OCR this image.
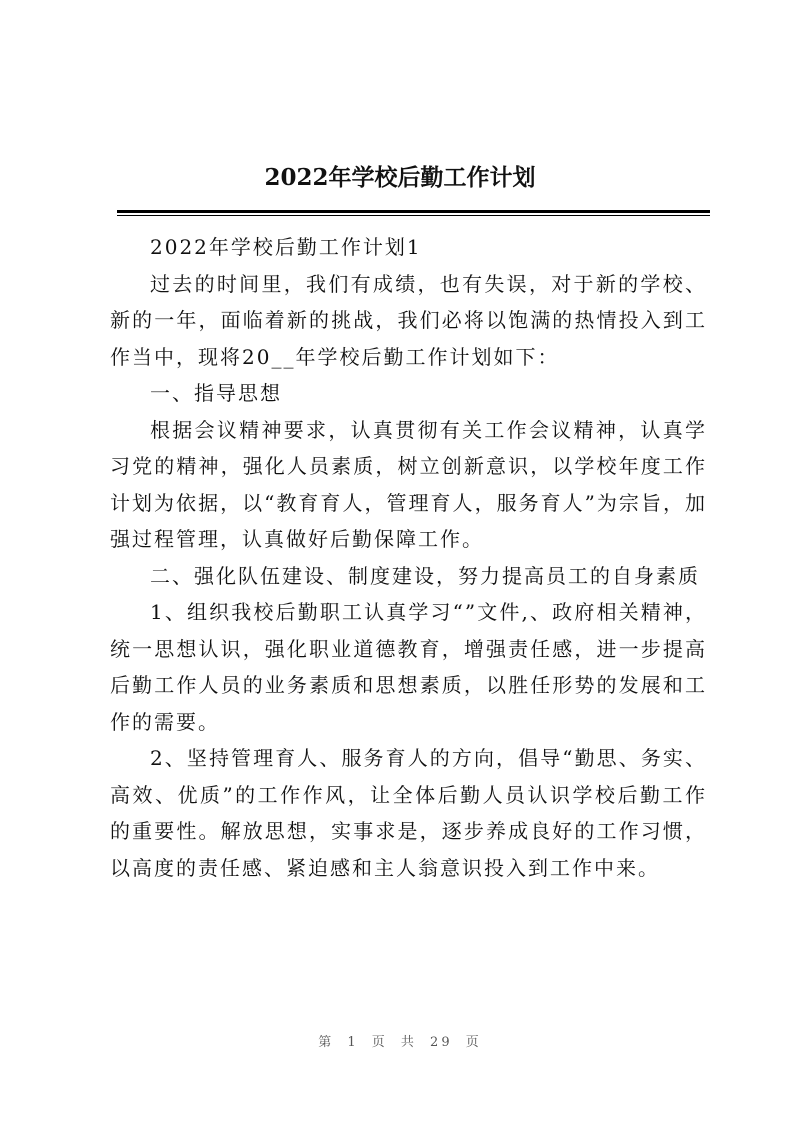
2022年学校后勤工作计划

2022年学校后勤工作计划1

过去的时间里，我们有成绩，也有失误，对于新的学校、新的一年，面临着新的挑战，我们必将以饱满的热情投入到工作当中，现将20__年学校后勤工作计划如下：

一、指导思想

根据会议精神要求，认真贯彻有关工作会议精神，认真学习党的精神，强化人员素质，树立创新意识，以学校年度工作计划为依据，以“教育育人，管理育人，服务育人”为宗旨，加强过程管理，认真做好后勤保障工作。

二、强化队伍建设、制度建设，努力提高员工的自身素质

1、组织我校后勤职工认真学习“”文件,、政府相关精神，统一思想认识，强化职业道德教育，增强责任感，进一步提高后勤工作人员的业务素质和思想素质，以胜任形势的发展和工作的需要。

2、坚持管理育人、服务育人的方向，倡导“勤思、务实、高效、优质”的工作作风，让全体后勤人员认识学校后勤工作的重要性。解放思想，实事求是，逐步养成良好的工作习惯，以高度的责任感、紧迫感和主人翁意识投入到工作中来。

第 1 页 共 29 页
